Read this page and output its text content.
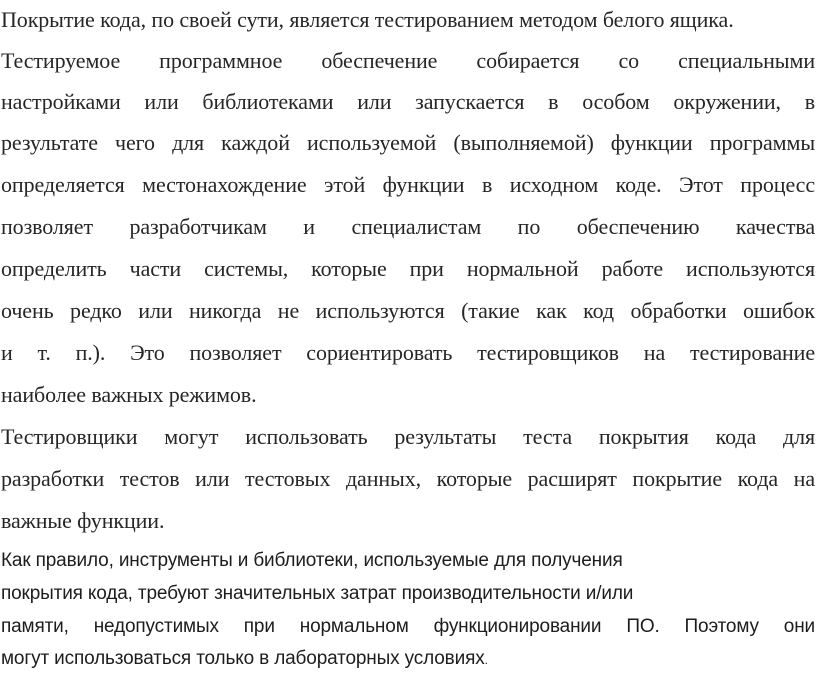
Покрытие кода, по своей сути, является тестированием методом белого ящика.
Тестируемое программное обеспечение собирается со специальными
настройками или библиотеками или запускается в особом окружении, в
результате чего для каждой используемой (выполняемой) функции программы
определяется местонахождение этой функции в исходном коде. Этот процесс
позволяет разработчикам и специалистам по обеспечению качества
определить части системы, которые при нормальной работе используются
очень редко или никогда не используются (такие как код обработки ошибок
и т. п.). Это позволяет сориентировать тестировщиков на тестирование
наиболее важных режимов.
Тестировщики могут использовать результаты теста покрытия кода для
разработки тестов или тестовых данных, которые расширят покрытие кода на
важные функции.
Как правило, инструменты и библиотеки, используемые для получения
покрытия кода, требуют значительных затрат производительности и/или
памяти, недопустимых при нормальном функционировании ПО. Поэтому они
могут использоваться только в лабораторных условиях.
